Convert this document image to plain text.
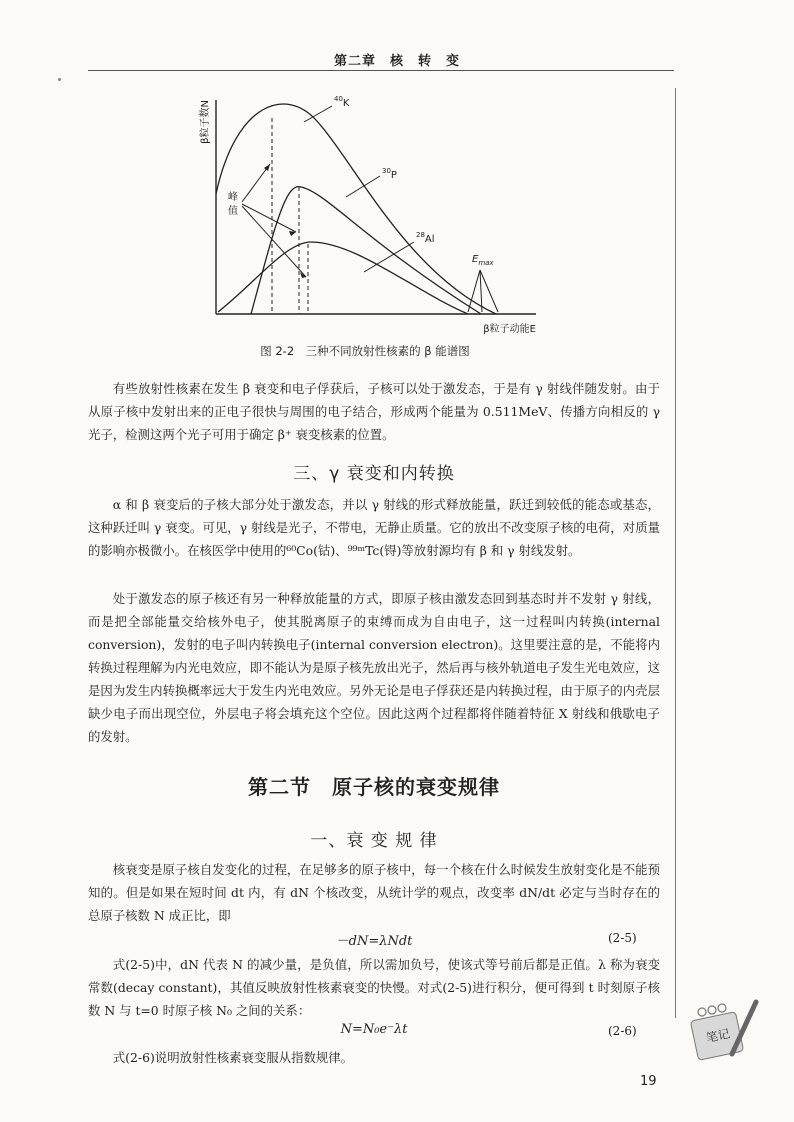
第二章　核　转　变
β粒子数N
$^{40}$K
$^{30}$P
$^{28}$Al
峰
值
$E_{max}$
β粒子动能E
图 2-2　三种不同放射性核素的 β 能谱图

有些放射性核素在发生 β 衰变和电子俘获后，子核可以处于激发态，于是有 γ 射线伴随发射。由于从原子核中发射出来的正电子很快与周围的电子结合，形成两个能量为 0.511MeV、传播方向相反的 γ 光子，检测这两个光子可用于确定 β⁺ 衰变核素的位置。

三、γ 衰变和内转换

α 和 β 衰变后的子核大部分处于激发态，并以 γ 射线的形式释放能量，跃迁到较低的能态或基态，这种跃迁叫 γ 衰变。可见，γ 射线是光子，不带电，无静止质量。它的放出不改变原子核的电荷，对质量的影响亦极微小。在核医学中使用的⁶⁰Co(钴)、⁹⁹ᵐTc(锝)等放射源均有 β 和 γ 射线发射。

处于激发态的原子核还有另一种释放能量的方式，即原子核由激发态回到基态时并不发射 γ 射线，而是把全部能量交给核外电子，使其脱离原子的束缚而成为自由电子，这一过程叫内转换(internal conversion)，发射的电子叫内转换电子(internal conversion electron)。这里要注意的是，不能将内转换过程理解为内光电效应，即不能认为是原子核先放出光子，然后再与核外轨道电子发生光电效应，这是因为发生内转换概率远大于发生内光电效应。另外无论是电子俘获还是内转换过程，由于原子的内壳层缺少电子而出现空位，外层电子将会填充这个空位。因此这两个过程都将伴随着特征 X 射线和俄歇电子的发射。

第二节　原子核的衰变规律
一、衰 变 规 律

核衰变是原子核自发变化的过程，在足够多的原子核中，每一个核在什么时候发生放射变化是不能预知的。但是如果在短时间 dt 内，有 dN 个核改变，从统计学的观点，改变率 dN/dt 必定与当时存在的总原子核数 N 成正比，即

－dN=λNdt	(2-5)

式(2-5)中，dN 代表 N 的减少量，是负值，所以需加负号，使该式等号前后都是正值。λ 称为衰变常数(decay constant)，其值反映放射性核素衰变的快慢。对式(2-5)进行积分，便可得到 t 时刻原子核数 N 与 t=0 时原子核 N₀ 之间的关系：

N=N₀e⁻λt	(2-6)

式(2-6)说明放射性核素衰变服从指数规律。

笔记
19
